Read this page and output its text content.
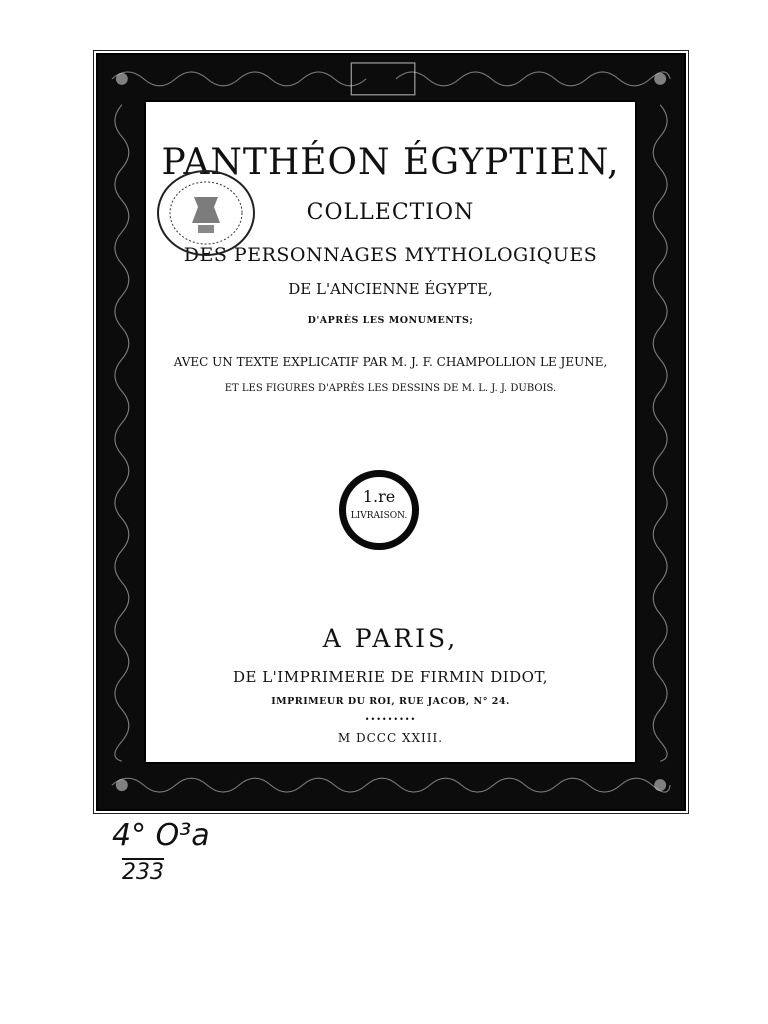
PANTHÉON ÉGYPTIEN,
COLLECTION
DES PERSONNAGES MYTHOLOGIQUES
DE L'ANCIENNE ÉGYPTE,
D'APRÈS LES MONUMENTS;
AVEC UN TEXTE EXPLICATIF PAR M. J. F. CHAMPOLLION LE JEUNE,
ET LES FIGURES D'APRÈS LES DESSINS DE M. L. J. J. DUBOIS.
1.re
LIVRAISON.
A PARIS,
DE L'IMPRIMERIE DE FIRMIN DIDOT,
IMPRIMEUR DU ROI, RUE JACOB, N° 24.
•••••••••
M DCCC XXIII.
4° O³a
233
